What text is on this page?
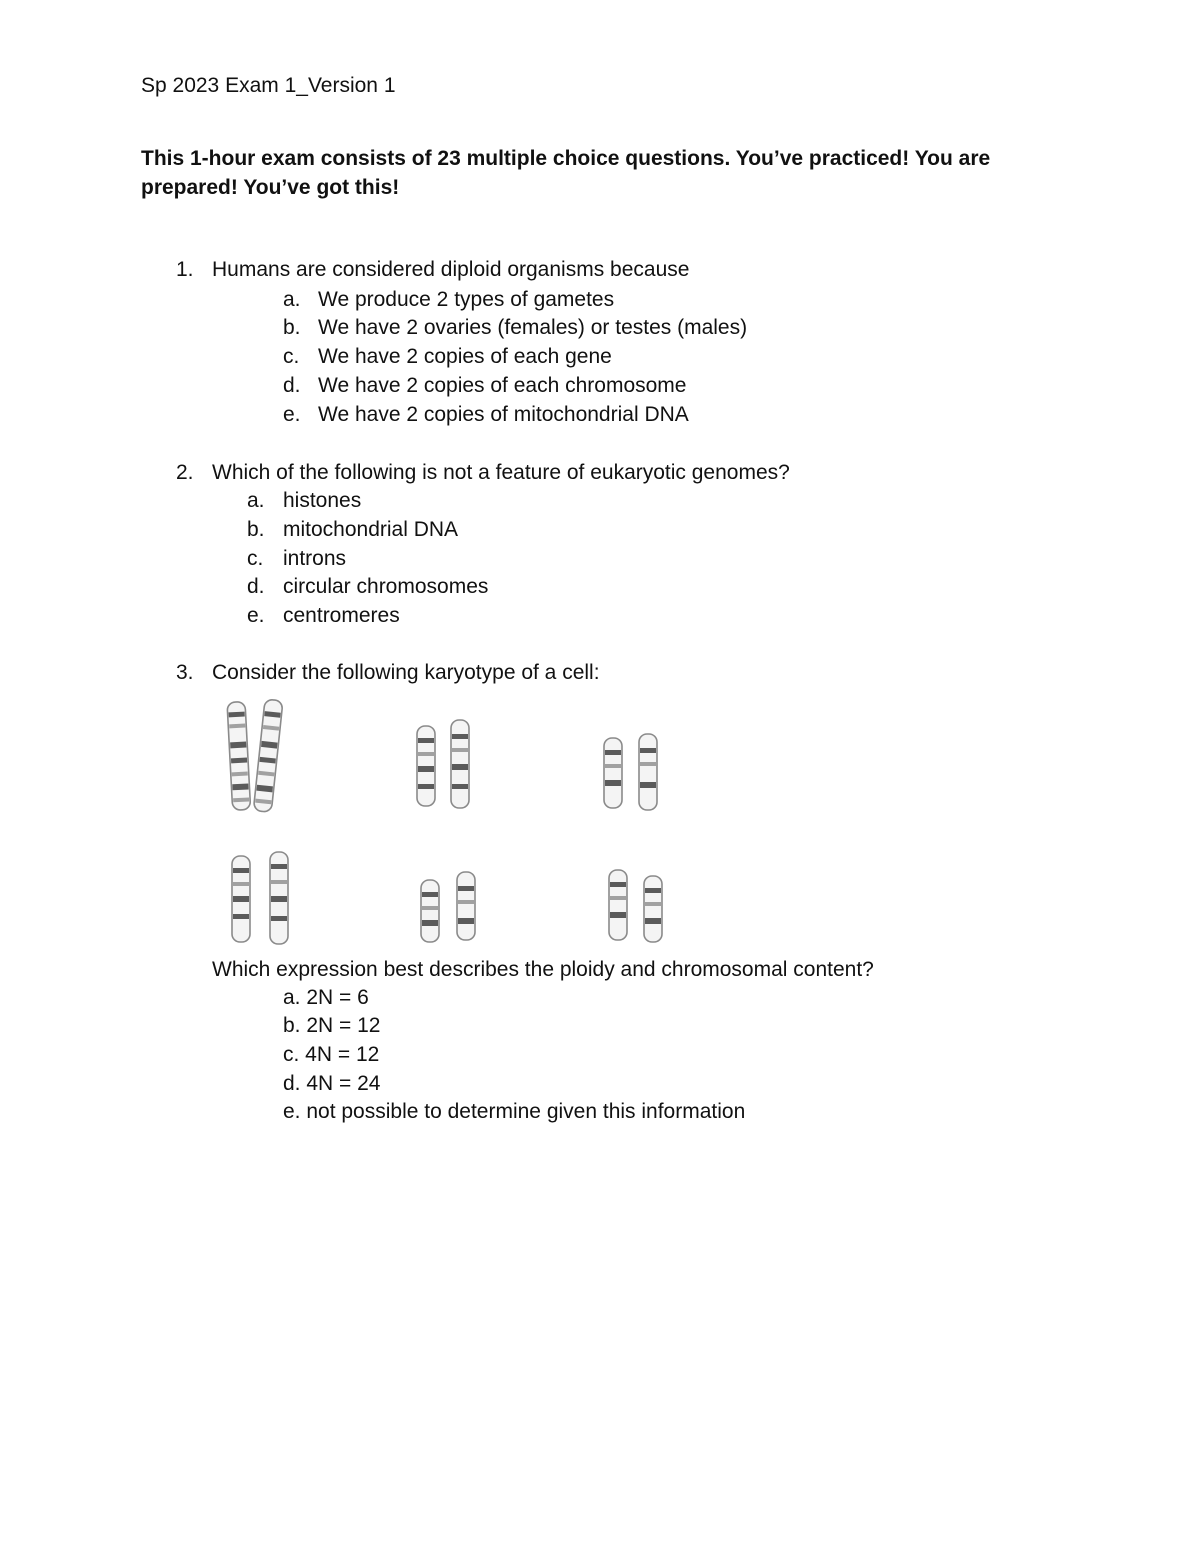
Sp 2023 Exam 1_Version 1
This 1-hour exam consists of 23 multiple choice questions. You’ve practiced! You are prepared! You’ve got this!
1. Humans are considered diploid organisms because
a. We produce 2 types of gametes
b. We have 2 ovaries (females) or testes (males)
c. We have 2 copies of each gene
d. We have 2 copies of each chromosome
e. We have 2 copies of mitochondrial DNA
2. Which of the following is not a feature of eukaryotic genomes?
a. histones
b. mitochondrial DNA
c. introns
d. circular chromosomes
e. centromeres
3. Consider the following karyotype of a cell:
Which expression best describes the ploidy and chromosomal content?
a. 2N = 6
b. 2N = 12
c. 4N = 12
d. 4N = 24
e. not possible to determine given this information
